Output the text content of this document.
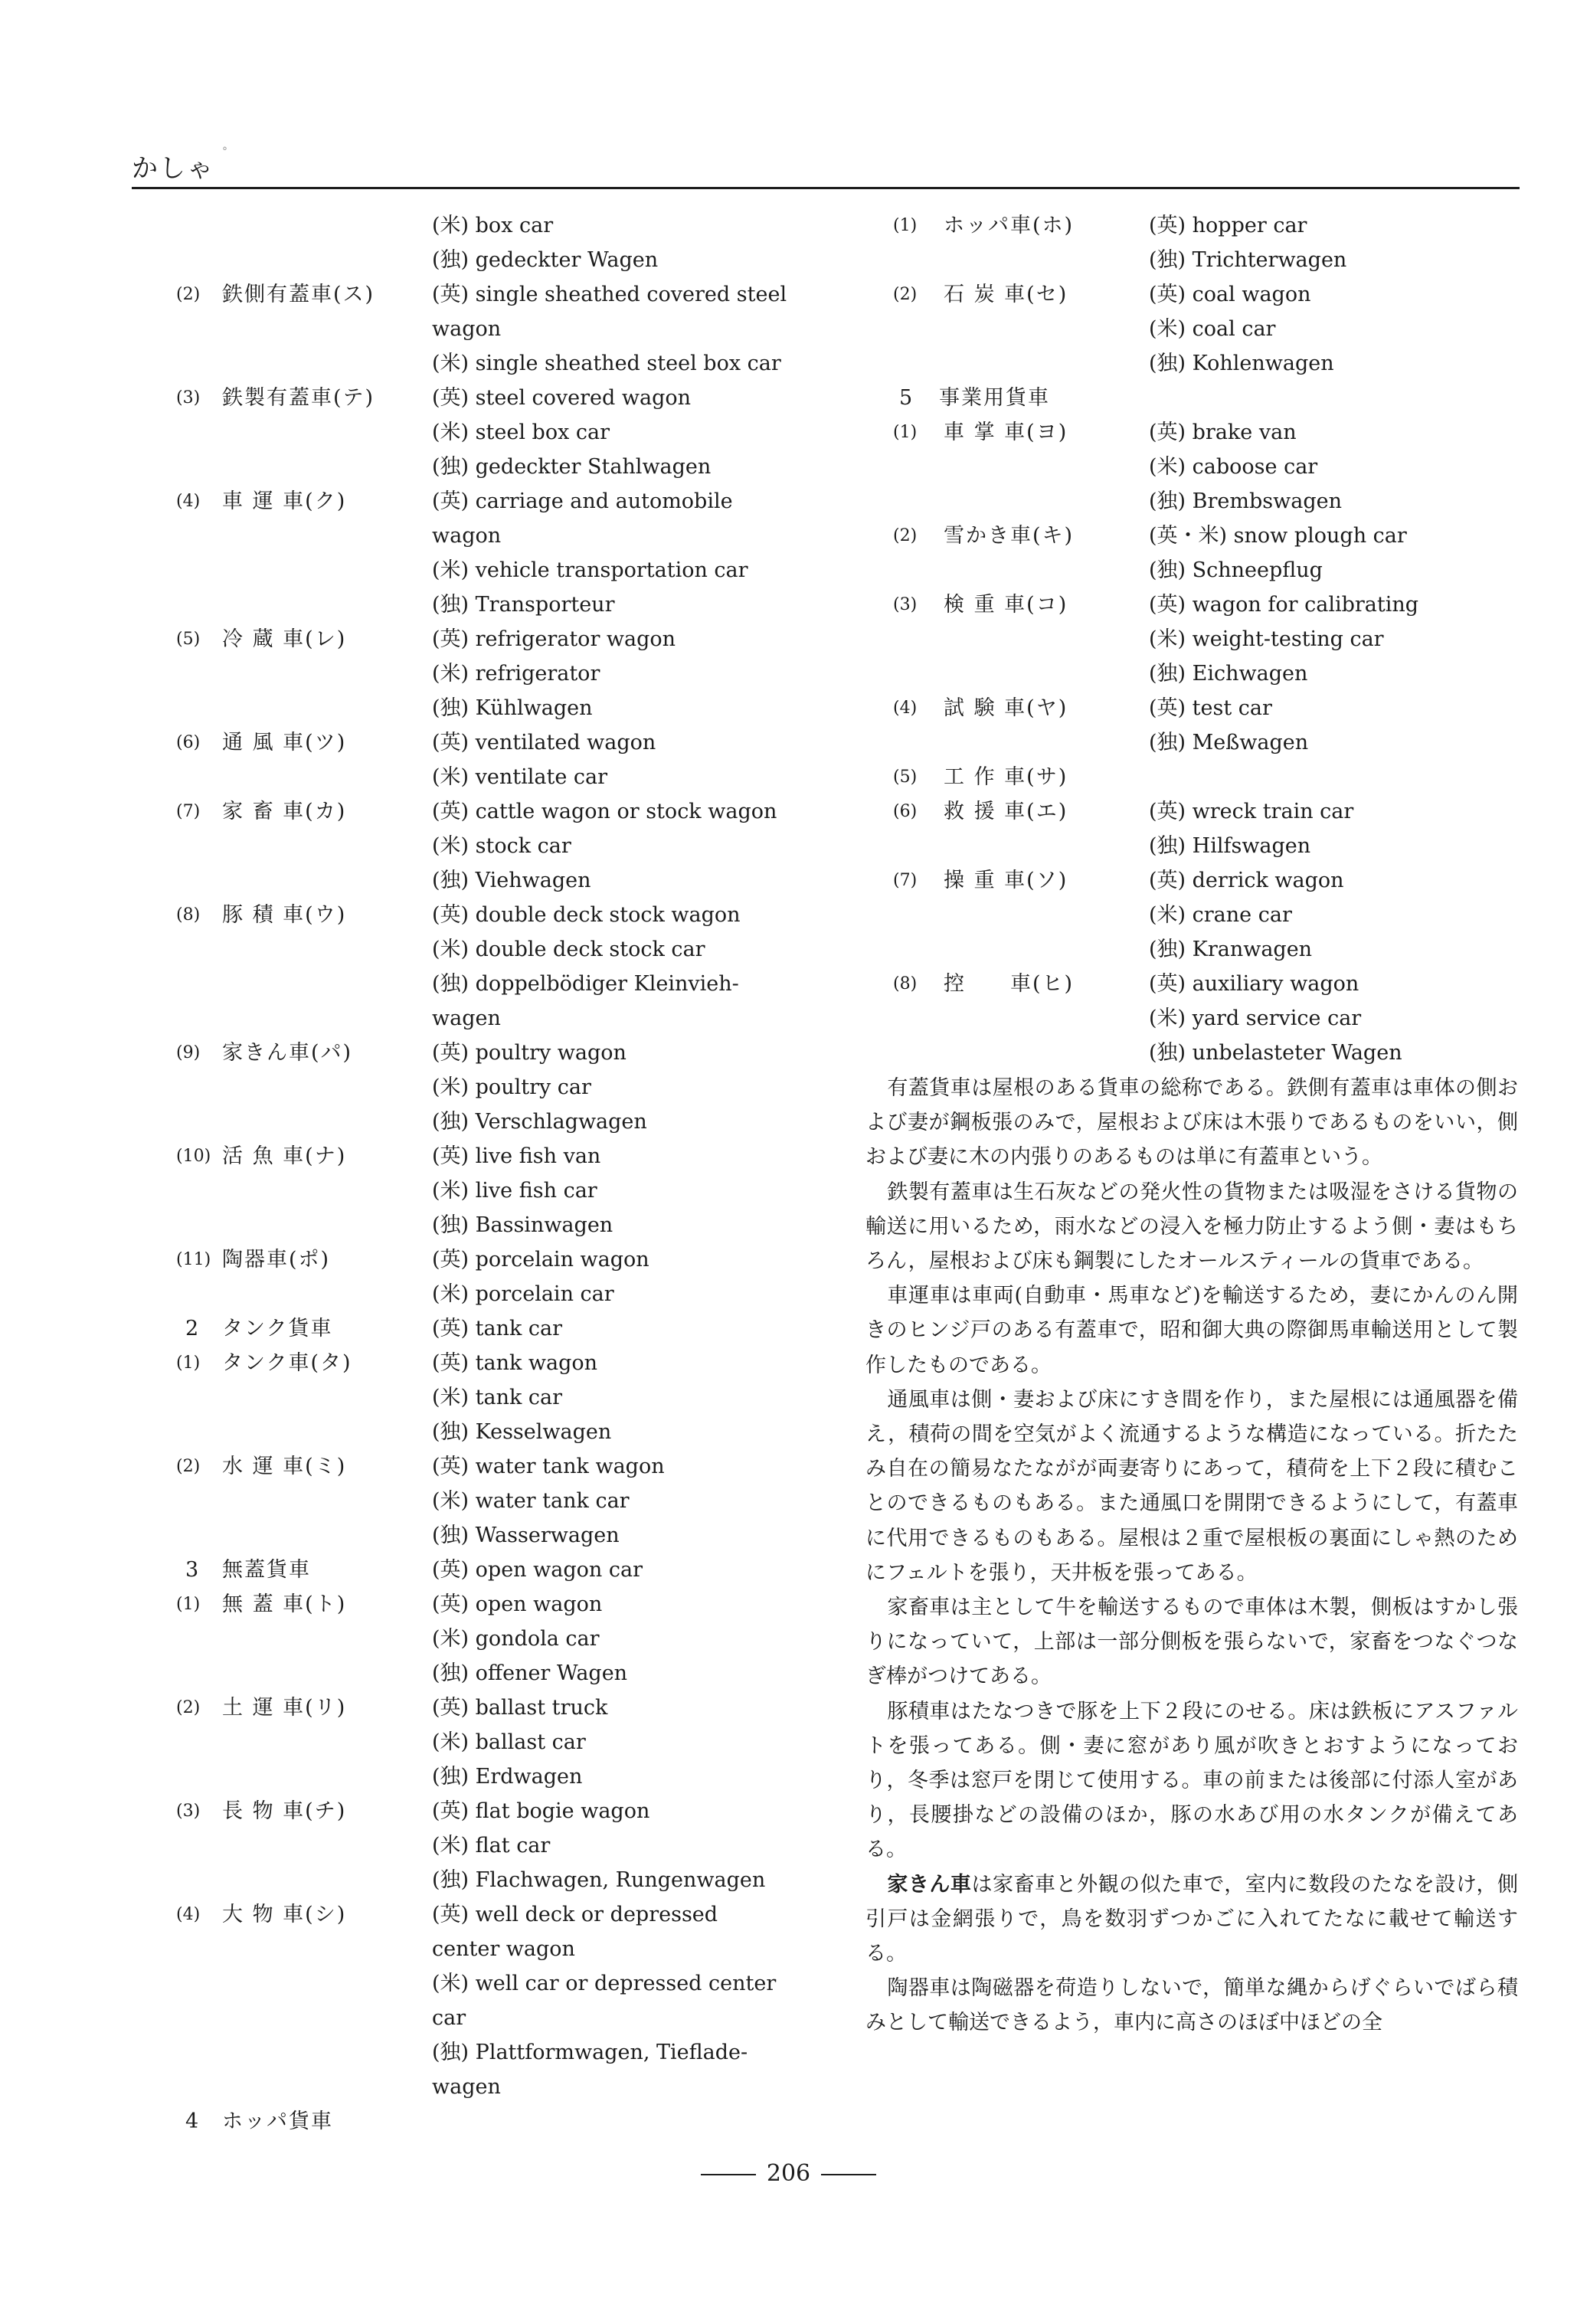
かしゃ
°
(米) box car
(独) gedeckter Wagen
(2) 鉄側有蓋車(ス)	(英) single sheathed covered steel
wagon
(米) single sheathed steel box car
(3) 鉄製有蓋車(テ)	(英) steel covered wagon
(米) steel box car
(独) gedeckter Stahlwagen
(4) 車 運 車(ク)	(英) carriage and automobile
wagon
(米) vehicle transportation car
(独) Transporteur
(5) 冷 蔵 車(レ)	(英) refrigerator wagon
(米) refrigerator
(独) Kühlwagen
(6) 通 風 車(ツ)	(英) ventilated wagon
(米) ventilate car
(7) 家 畜 車(カ)	(英) cattle wagon or stock wagon
(米) stock car
(独) Viehwagen
(8) 豚 積 車(ウ)	(英) double deck stock wagon
(米) double deck stock car
(独) doppelbödiger Kleinvieh-
wagen
(9) 家きん車(パ)	(英) poultry wagon
(米) poultry car
(独) Verschlagwagen
(10) 活 魚 車(ナ)	(英) live fish van
(米) live fish car
(独) Bassinwagen
(11) 陶器車(ポ)	(英) porcelain wagon
(米) porcelain car
2 タンク貨車	(英) tank car
(1) タンク車(タ)	(英) tank wagon
(米) tank car
(独) Kesselwagen
(2) 水 運 車(ミ)	(英) water tank wagon
(米) water tank car
(独) Wasserwagen
3 無蓋貨車	(英) open wagon car
(1) 無 蓋 車(ト)	(英) open wagon
(米) gondola car
(独) offener Wagen
(2) 土 運 車(リ)	(英) ballast truck
(米) ballast car
(独) Erdwagen
(3) 長 物 車(チ)	(英) flat bogie wagon
(米) flat car
(独) Flachwagen, Rungenwagen
(4) 大 物 車(シ)	(英) well deck or depressed
center wagon
(米) well car or depressed center
car
(独) Plattformwagen, Tieflade-
wagen
4 ホッパ貨車
(1) ホッパ車(ホ)	(英) hopper car
(独) Trichterwagen
(2) 石 炭 車(セ)	(英) coal wagon
(米) coal car
(独) Kohlenwagen
5 事業用貨車
(1) 車 掌 車(ヨ)	(英) brake van
(米) caboose car
(独) Brembswagen
(2) 雪かき車(キ)	(英・米) snow plough car
(独) Schneepflug
(3) 検 重 車(コ)	(英) wagon for calibrating
(米) weight-testing car
(独) Eichwagen
(4) 試 験 車(ヤ)	(英) test car
(独) Meßwagen
(5) 工 作 車(サ)
(6) 救 援 車(エ)	(英) wreck train car
(独) Hilfswagen
(7) 操 重 車(ソ)	(英) derrick wagon
(米) crane car
(独) Kranwagen
(8) 控　　車(ヒ)	(英) auxiliary wagon
(米) yard service car
(独) unbelasteter Wagen

有蓋貨車は屋根のある貨車の総称である。鉄側有蓋車は車体の側および妻が鋼板張のみで，屋根および床は木張りであるものをいい，側および妻に木の内張りのあるものは単に有蓋車という。

鉄製有蓋車は生石灰などの発火性の貨物または吸湿をさける貨物の輸送に用いるため，雨水などの浸入を極力防止するよう側・妻はもちろん，屋根および床も鋼製にしたオールスティールの貨車である。

車運車は車両(自動車・馬車など)を輸送するため，妻にかんのん開きのヒンジ戸のある有蓋車で，昭和御大典の際御馬車輸送用として製作したものである。

通風車は側・妻および床にすき間を作り，また屋根には通風器を備え，積荷の間を空気がよく流通するような構造になっている。折たたみ自在の簡易なたながが両妻寄りにあって，積荷を上下２段に積むことのできるものもある。また通風口を開閉できるようにして，有蓋車に代用できるものもある。屋根は２重で屋根板の裏面にしゃ熱のためにフェルトを張り，天井板を張ってある。

家畜車は主として牛を輸送するもので車体は木製，側板はすかし張りになっていて，上部は一部分側板を張らないで，家畜をつなぐつなぎ棒がつけてある。

豚積車はたなつきで豚を上下２段にのせる。床は鉄板にアスファルトを張ってある。側・妻に窓があり風が吹きとおすようになっており，冬季は窓戸を閉じて使用する。車の前または後部に付添人室があり，長腰掛などの設備のほか，豚の水あび用の水タンクが備えてある。

家きん車は家畜車と外観の似た車で，室内に数段のたなを設け，側引戸は金網張りで，鳥を数羽ずつかごに入れてたなに載せて輸送する。

陶器車は陶磁器を荷造りしないで，簡単な縄からげぐらいでばら積みとして輸送できるよう，車内に高さのほぼ中ほどの全

206
